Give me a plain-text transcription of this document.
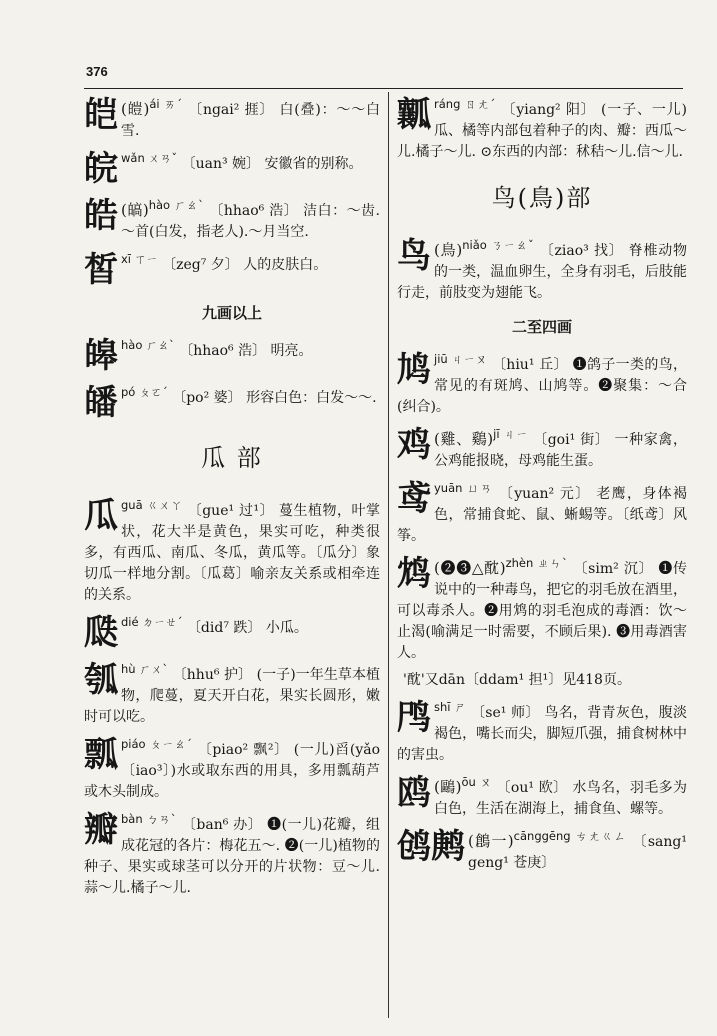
376
皑 (皚)$^{ái ㄞˊ}$ 〔ngai² 捱〕 白(叠)：～～白雪.
皖 $^{wǎn ㄨㄢˇ}$ 〔uan³ 婉〕 安徽省的别称。
皓 (皜)$^{hào ㄏㄠˋ}$ 〔hhao⁶ 浩〕 洁白：～齿.～首(白发，指老人).～月当空.
皙 $^{xī ㄒㄧ}$ 〔zeg⁷ 夕〕 人的皮肤白。
九画以上
皞 $^{hào ㄏㄠˋ}$ 〔hhao⁶ 浩〕 明亮。
皤 $^{pó ㄆㄛˊ}$ 〔po² 婆〕 形容白色：白发～～.
瓜 部
瓜 $^{guā ㄍㄨㄚ}$ 〔gue¹ 过¹〕 蔓生植物，叶掌状，花大半是黄色，果实可吃，种类很多，有西瓜、南瓜、冬瓜，黄瓜等。〔瓜分〕象切瓜一样地分割。〔瓜葛〕喻亲友关系或相牵连的关系。
瓞 $^{dié ㄉㄧㄝˊ}$ 〔did⁷ 跌〕 小瓜。
瓠 $^{hù ㄏㄨˋ}$ 〔hhu⁶ 护〕 (一子)一年生草本植物，爬蔓，夏天开白花，果实长圆形，嫩时可以吃。
瓢 $^{piáo ㄆㄧㄠˊ}$ 〔piao² 飘²〕 (一儿)舀(yǎo〔iao³〕)水或取东西的用具，多用瓢葫芦或木头制成。
瓣 $^{bàn ㄅㄢˋ}$ 〔ban⁶ 办〕 ❶(一儿)花瓣，组成花冠的各片：梅花五～. ❷(一儿)植物的种子、果实或球茎可以分开的片状物：豆～儿.蒜～儿.橘子～儿.
瓤 $^{ráng ㄖㄤˊ}$ 〔yiang² 阳〕 (一子、一儿)瓜、橘等内部包着种子的肉、瓣：西瓜～儿.橘子～儿. ⊙东西的内部：秫秸～儿.信～儿.
鸟(鳥)部
鸟 (鳥)$^{niǎo ㄋㄧㄠˇ}$ 〔ziao³ 找〕 脊椎动物的一类，温血卵生，全身有羽毛，后肢能行走，前肢变为翅能飞。
二至四画
鸠 $^{jiū ㄐㄧㄡ}$ 〔hiu¹ 丘〕 ❶鸽子一类的鸟，常见的有斑鸠、山鸠等。❷聚集：～合(纠合)。
鸡 (雞、鷄)$^{jī ㄐㄧ}$ 〔goi¹ 街〕 一种家禽，公鸡能报晓，母鸡能生蛋。
鸢 $^{yuān ㄩㄢ}$ 〔yuan² 元〕 老鹰，身体褐色，常捕食蛇、鼠、蜥蜴等。〔纸鸢〕风筝。
鸩 (❷❸△酖)$^{zhèn ㄓㄣˋ}$ 〔sim² 沉〕 ❶传说中的一种毒鸟，把它的羽毛放在酒里，可以毒杀人。❷用鸩的羽毛泡成的毒酒：饮～止渴(喻满足一时需要，不顾后果). ❸用毒酒害人。
'酖'又dān〔ddam¹ 担¹〕见418页。
鸤 $^{shī ㄕ}$ 〔se¹ 师〕 鸟名，背青灰色，腹淡褐色，嘴长而尖，脚短爪强，捕食树林中的害虫。
鸥 (鷗)$^{ōu ㄡ}$ 〔ou¹ 欧〕 水鸟名，羽毛多为白色，生活在湖海上，捕食鱼、螺等。
鸧鹒 (鶬一)$^{cānggēng ㄘㄤㄍㄥ}$ 〔sang¹ geng¹ 苍庚〕
